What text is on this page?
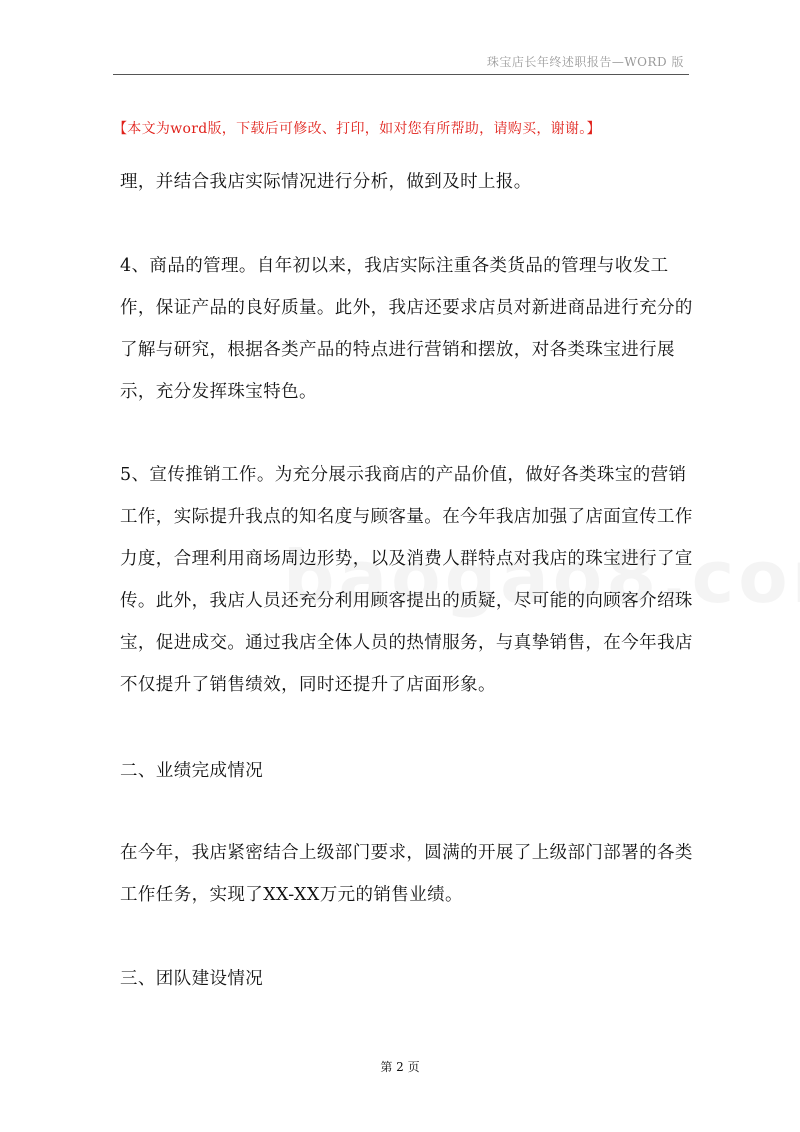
珠宝店长年终述职报告—WORD 版
【本文为word版，下载后可修改、打印，如对您有所帮助，请购买，谢谢。】

理，并结合我店实际情况进行分析，做到及时上报。

4、商品的管理。自年初以来，我店实际注重各类货品的管理与收发工作，保证产品的良好质量。此外，我店还要求店员对新进商品进行充分的了解与研究，根据各类产品的特点进行营销和摆放，对各类珠宝进行展示，充分发挥珠宝特色。

5、宣传推销工作。为充分展示我商店的产品价值，做好各类珠宝的营销工作，实际提升我点的知名度与顾客量。在今年我店加强了店面宣传工作力度，合理利用商场周边形势，以及消费人群特点对我店的珠宝进行了宣传。此外，我店人员还充分利用顾客提出的质疑，尽可能的向顾客介绍珠宝，促进成交。通过我店全体人员的热情服务，与真挚销售，在今年我店不仅提升了销售绩效，同时还提升了店面形象。

二、业绩完成情况

在今年，我店紧密结合上级部门要求，圆满的开展了上级部门部署的各类工作任务，实现了XX-XX万元的销售业绩。

三、团队建设情况

第 2 页
